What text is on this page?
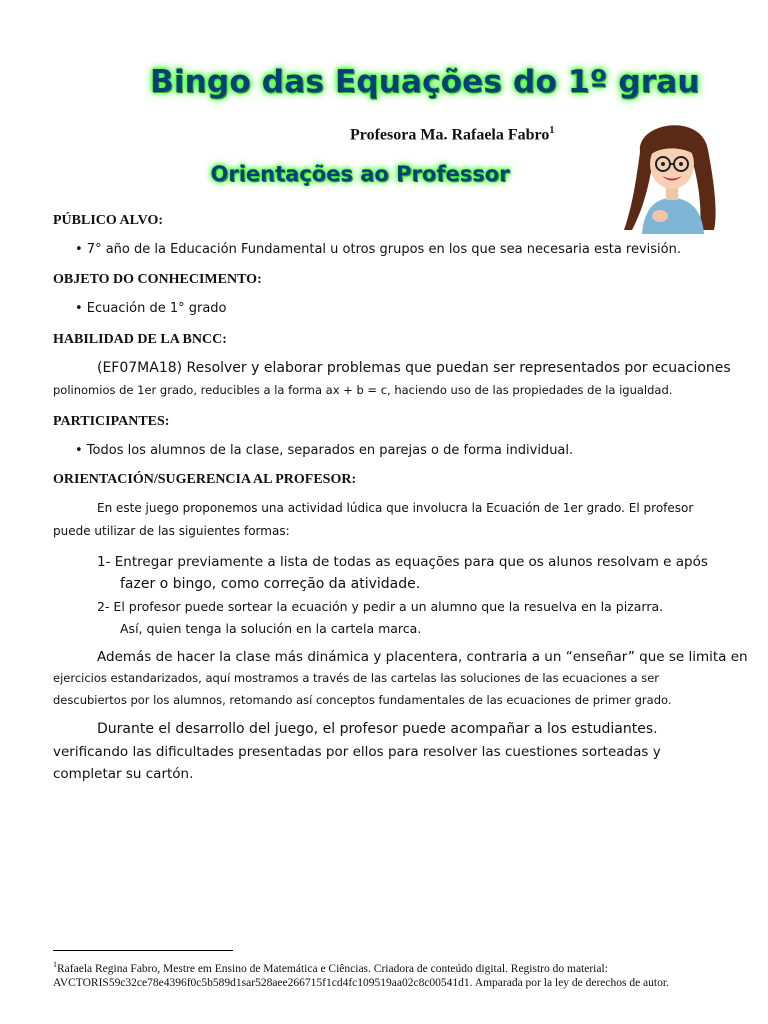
Bingo das Equações do 1º grau
Profesora Ma. Rafaela Fabro$^1$
Orientações ao Professor
PÚBLICO ALVO:
• 7° año de la Educación Fundamental u otros grupos en los que sea necesaria esta revisión.
OBJETO DO CONHECIMENTO:
• Ecuación de 1° grado
HABILIDAD DE LA BNCC:
(EF07MA18) Resolver y elaborar problemas que puedan ser representados por ecuaciones
polinomios de 1er grado, reducibles a la forma ax + b = c, haciendo uso de las propiedades de la igualdad.
PARTICIPANTES:
• Todos los alumnos de la clase, separados en parejas o de forma individual.
ORIENTACIÓN/SUGERENCIA AL PROFESOR:
En este juego proponemos una actividad lúdica que involucra la Ecuación de 1er grado. El profesor
puede utilizar de las siguientes formas:
1- Entregar previamente a lista de todas as equações para que os alunos resolvam e após
fazer o bingo, como correção da atividade.
2- El profesor puede sortear la ecuación y pedir a un alumno que la resuelva en la pizarra.
Así, quien tenga la solución en la cartela marca.
Además de hacer la clase más dinámica y placentera, contraria a un “enseñar” que se limita en
ejercicios estandarizados, aquí mostramos a través de las cartelas las soluciones de las ecuaciones a ser
descubiertos por los alumnos, retomando así conceptos fundamentales de las ecuaciones de primer grado.
Durante el desarrollo del juego, el profesor puede acompañar a los estudiantes.
verificando las dificultades presentadas por ellos para resolver las cuestiones sorteadas y
completar su cartón.
$^1$Rafaela Regina Fabro, Mestre em Ensino de Matemática e Ciências. Criadora de conteúdo digital. Registro do material: AVCTORIS59c32ce78e4396f0c5b589d1sar528aee266715f1cd4fc109519aa02c8c00541d1. Amparada por la ley de derechos de autor.
